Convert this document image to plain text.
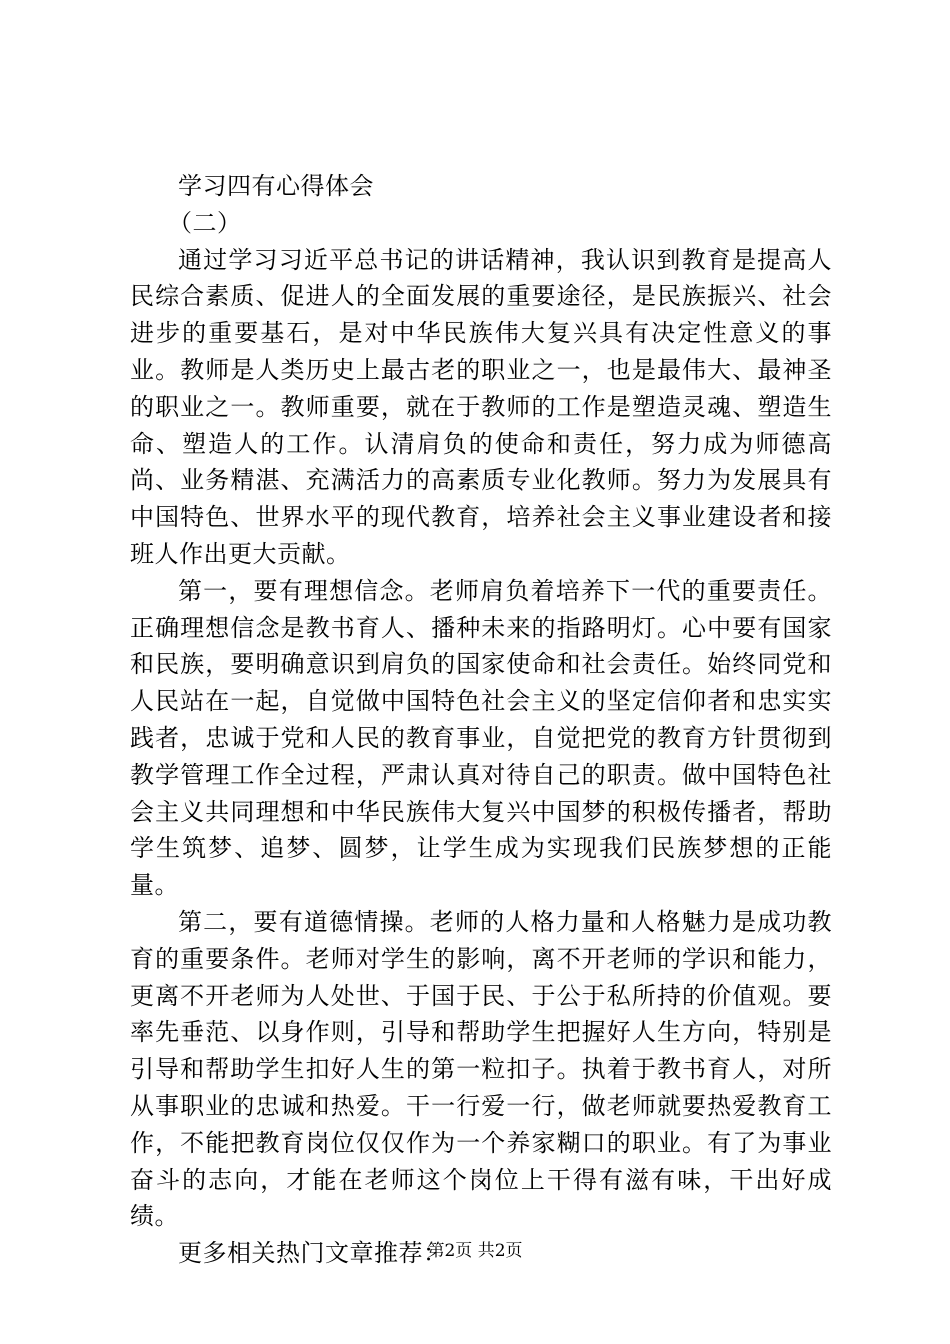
学习四有心得体会

（二）

通过学习习近平总书记的讲话精神，我认识到教育是提高人民综合素质、促进人的全面发展的重要途径，是民族振兴、社会进步的重要基石，是对中华民族伟大复兴具有决定性意义的事业。教师是人类历史上最古老的职业之一，也是最伟大、最神圣的职业之一。教师重要，就在于教师的工作是塑造灵魂、塑造生命、塑造人的工作。认清肩负的使命和责任，努力成为师德高尚、业务精湛、充满活力的高素质专业化教师。努力为发展具有中国特色、世界水平的现代教育，培养社会主义事业建设者和接班人作出更大贡献。

第一，要有理想信念。老师肩负着培养下一代的重要责任。正确理想信念是教书育人、播种未来的指路明灯。心中要有国家和民族，要明确意识到肩负的国家使命和社会责任。始终同党和人民站在一起，自觉做中国特色社会主义的坚定信仰者和忠实实践者，忠诚于党和人民的教育事业，自觉把党的教育方针贯彻到教学管理工作全过程，严肃认真对待自己的职责。做中国特色社会主义共同理想和中华民族伟大复兴中国梦的积极传播者，帮助学生筑梦、追梦、圆梦，让学生成为实现我们民族梦想的正能量。

第二，要有道德情操。老师的人格力量和人格魅力是成功教育的重要条件。老师对学生的影响，离不开老师的学识和能力，更离不开老师为人处世、于国于民、于公于私所持的价值观。要率先垂范、以身作则，引导和帮助学生把握好人生方向，特别是引导和帮助学生扣好人生的第一粒扣子。执着于教书育人，对所从事职业的忠诚和热爱。干一行爱一行，做老师就要热爱教育工作，不能把教育岗位仅仅作为一个养家糊口的职业。有了为事业奋斗的志向，才能在老师这个岗位上干得有滋有味，干出好成绩。

更多相关热门文章推荐：

第2页 共2页
